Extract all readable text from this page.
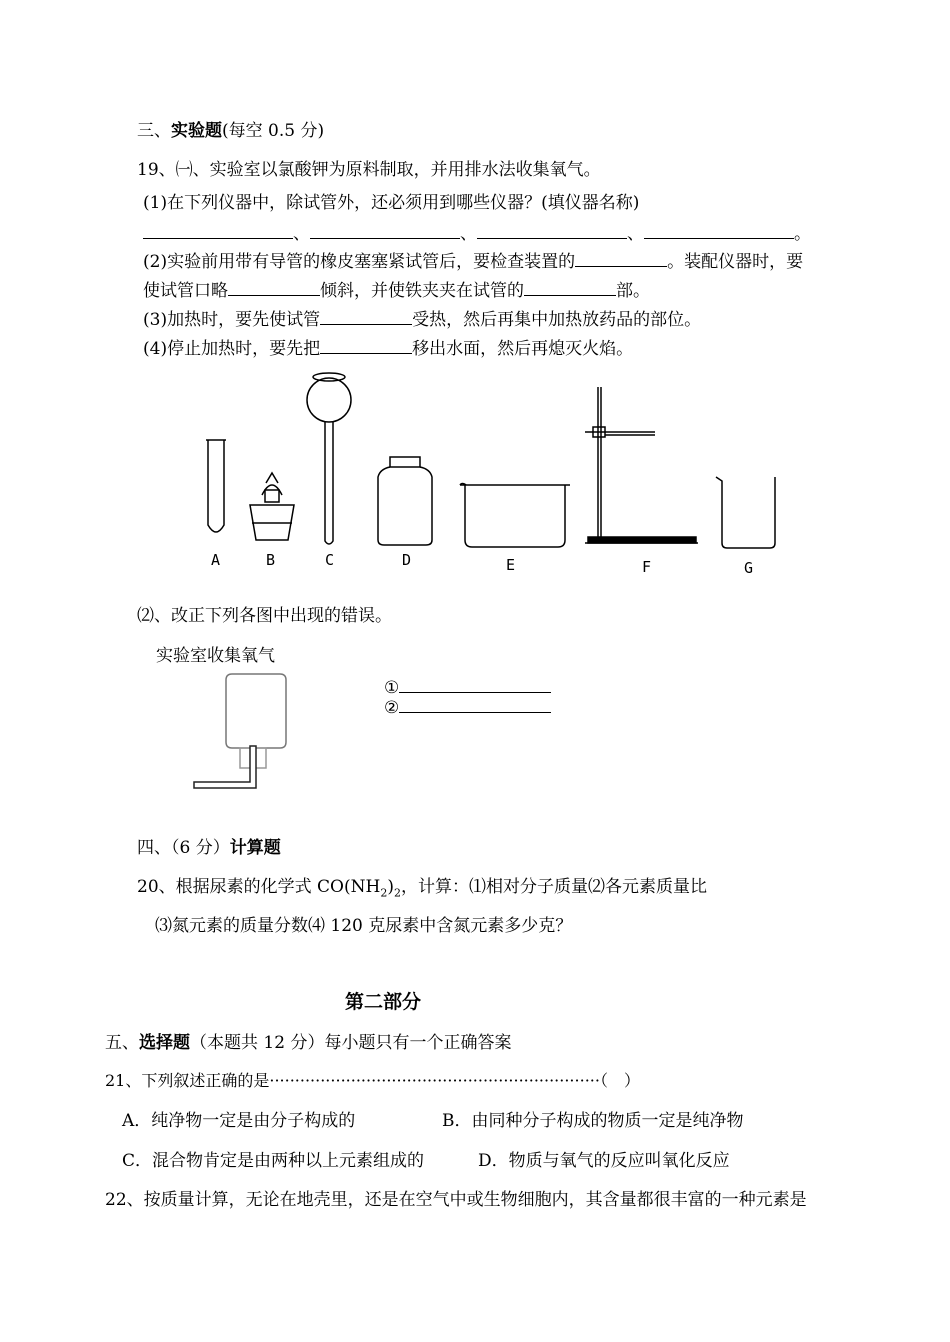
三、实验题(每空 0.5 分)
19、㈠、实验室以氯酸钾为原料制取，并用排水法收集氧气。
(1)在下列仪器中，除试管外，还必须用到哪些仪器？(填仪器名称)
、	、	、	。
(2)实验前用带有导管的橡皮塞塞紧试管后，要检查装置的	。装配仪器时，要
使试管口略	倾斜，并使铁夹夹在试管的	部。
(3)加热时，要先使试管	受热，然后再集中加热放药品的部位。
(4)停止加热时，要先把	移出水面，然后再熄灭火焰。
A	B	C	D	E	F	G
⑵、改正下列各图中出现的错误。
实验室收集氧气
①
②
四、（6 分）计算题
20、根据尿素的化学式 $CO(NH_2)_2$，计算：⑴相对分子质量⑵各元素质量比
⑶氮元素的质量分数⑷ 120 克尿素中含氮元素多少克？
第二部分
五、选择题（本题共 12 分）每小题只有一个正确答案
21、下列叙述正确的是·································································（　）
A．纯净物一定是由分子构成的	B．由同种分子构成的物质一定是纯净物
C．混合物肯定是由两种以上元素组成的	D．物质与氧气的反应叫氧化反应
22、按质量计算，无论在地壳里，还是在空气中或生物细胞内，其含量都很丰富的一种元素是
